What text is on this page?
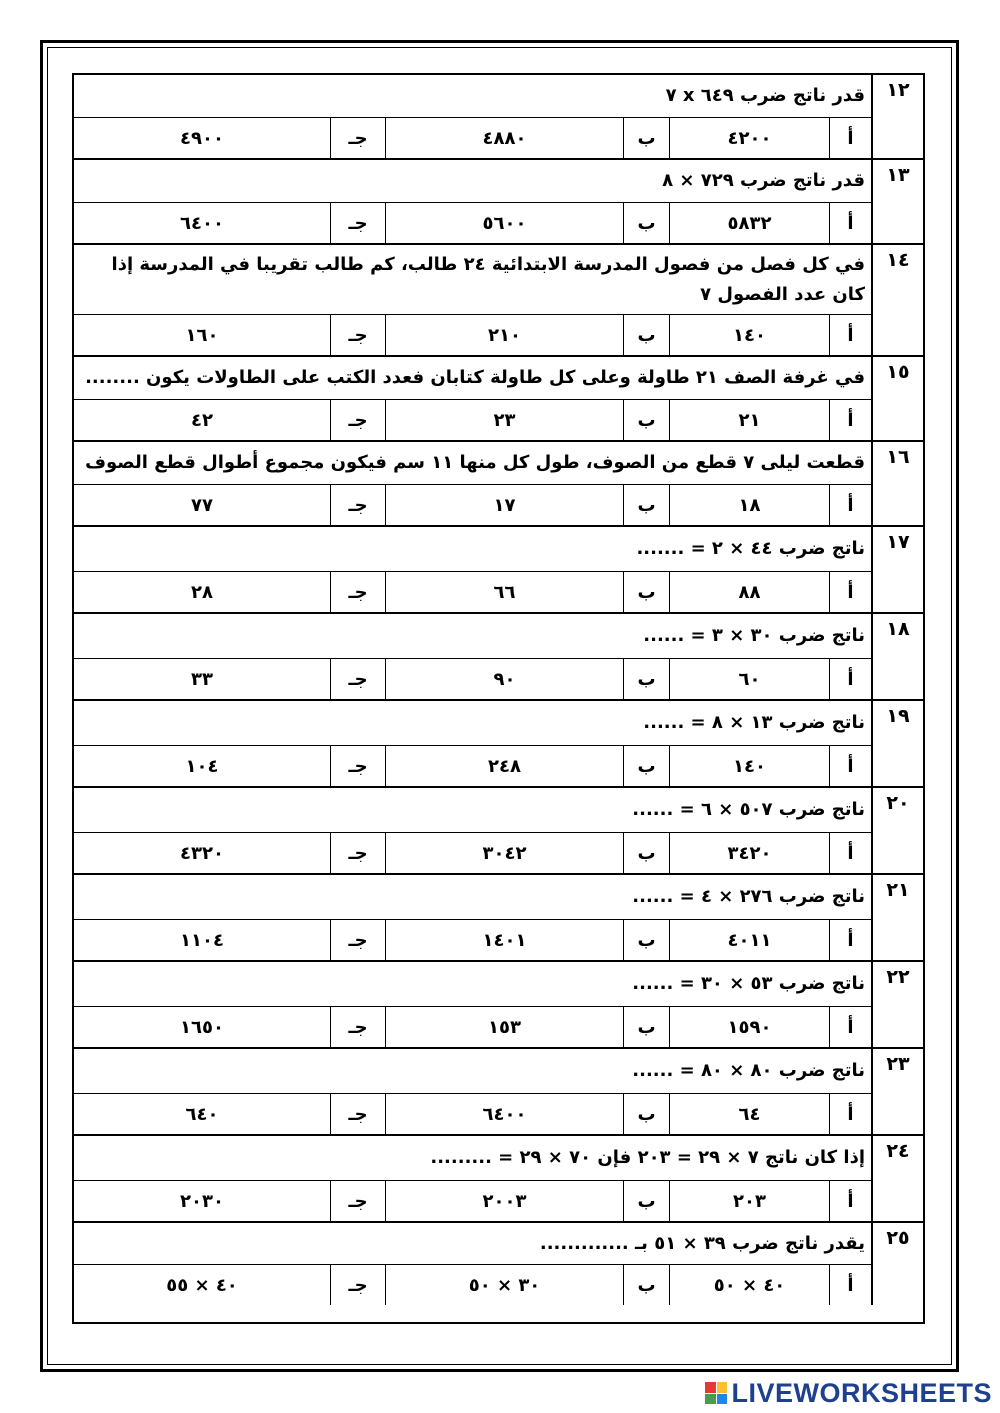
١٢
قدر ناتج ضرب ٦٤٩ x ٧
أ
٤٢٠٠
ب
٤٨٨٠
جـ
٤٩٠٠
١٣
قدر ناتج ضرب ٧٢٩ × ٨
أ
٥٨٣٢
ب
٥٦٠٠
جـ
٦٤٠٠
١٤
في كل فصل من فصول المدرسة الابتدائية ٢٤ طالب، كم طالب تقريبا في المدرسة إذا كان عدد الفصول ٧
أ
١٤٠
ب
٢١٠
جـ
١٦٠
١٥
في غرفة الصف ٢١ طاولة وعلى كل طاولة كتابان فعدد الكتب على الطاولات يكون ........
أ
٢١
ب
٢٣
جـ
٤٢
١٦
قطعت ليلى ٧ قطع من الصوف، طول كل منها ١١ سم فيكون مجموع أطوال قطع الصوف
أ
١٨
ب
١٧
جـ
٧٧
١٧
ناتج ضرب ٤٤ × ٢ = .......
أ
٨٨
ب
٦٦
جـ
٢٨
١٨
ناتج ضرب ٣٠ × ٣ = ......
أ
٦٠
ب
٩٠
جـ
٣٣
١٩
ناتج ضرب ١٣ × ٨ = ......
أ
١٤٠
ب
٢٤٨
جـ
١٠٤
٢٠
ناتج ضرب ٥٠٧ × ٦ = ......
أ
٣٤٢٠
ب
٣٠٤٢
جـ
٤٣٢٠
٢١
ناتج ضرب ٢٧٦ × ٤ = ......
أ
٤٠١١
ب
١٤٠١
جـ
١١٠٤
٢٢
ناتج ضرب ٥٣ × ٣٠ = ......
أ
١٥٩٠
ب
١٥٣
جـ
١٦٥٠
٢٣
ناتج ضرب ٨٠ × ٨٠ = ......
أ
٦٤
ب
٦٤٠٠
جـ
٦٤٠
٢٤
إذا كان ناتج ٧ × ٢٩ = ٢٠٣ فإن ٧٠ × ٢٩ = .........
أ
٢٠٣
ب
٢٠٠٣
جـ
٢٠٣٠
٢٥
يقدر ناتج ضرب ٣٩ × ٥١ بـ .............
أ
٤٠ × ٥٠
ب
٣٠ × ٥٠
جـ
٤٠ × ٥٥
LIVEWORKSHEETS
